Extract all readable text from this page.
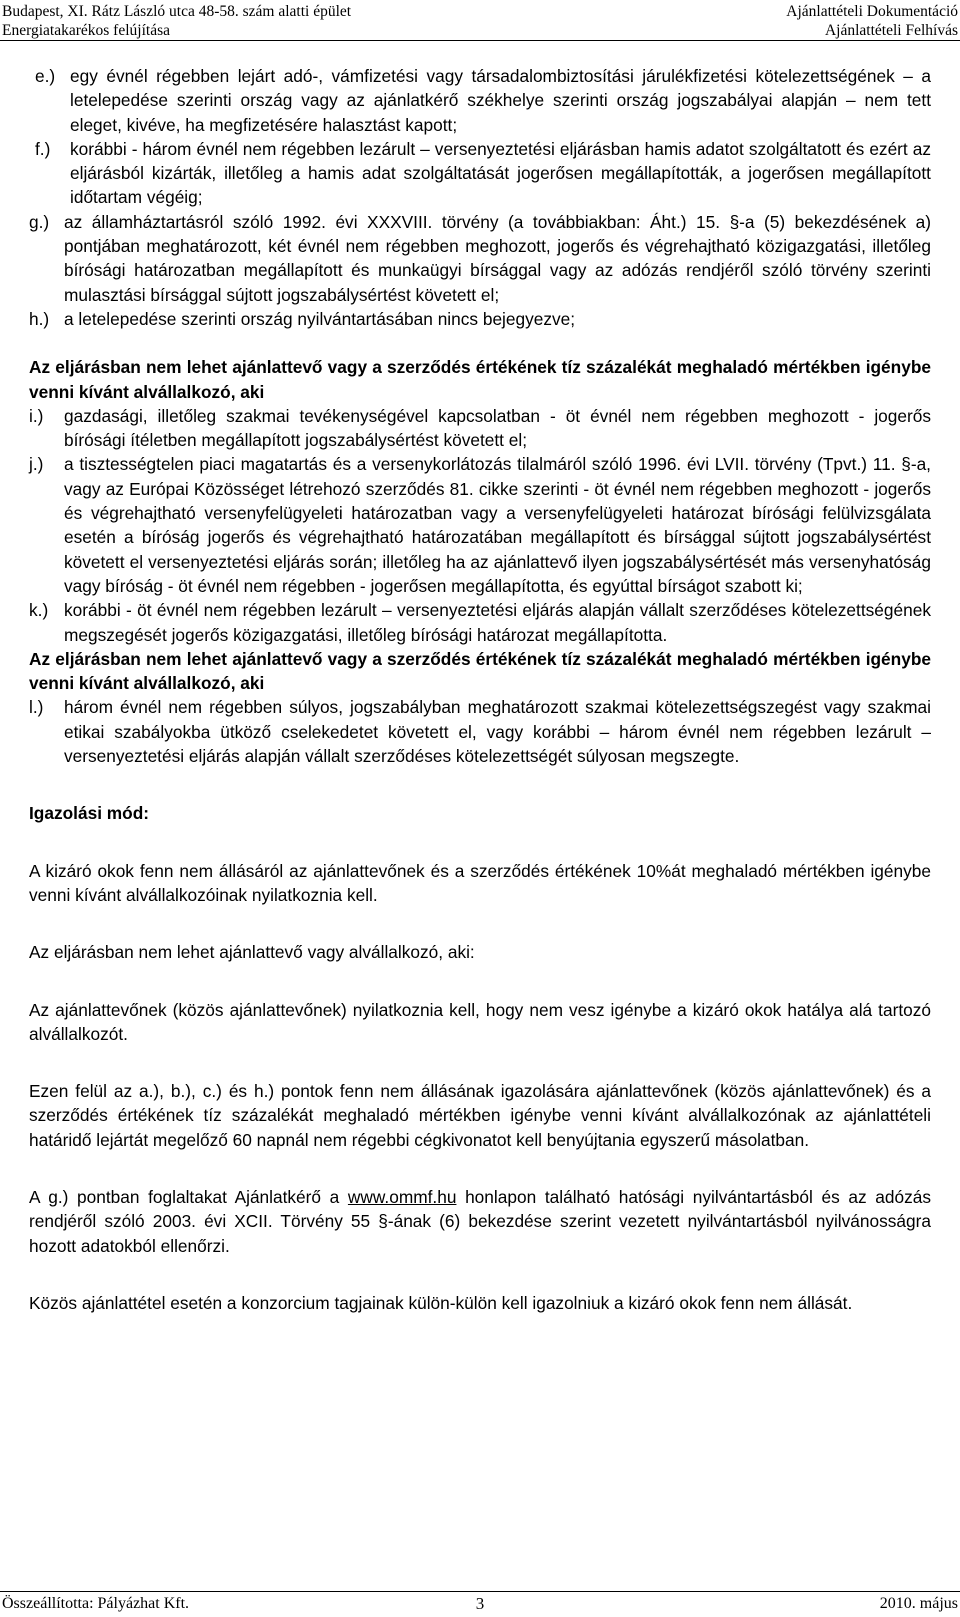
Budapest, XI. Rátz László utca 48-58. szám alatti épület
Energiatakarékos felújítása
Ajánlattételi Dokumentáció
Ajánlattételi Felhívás
e.) egy évnél régebben lejárt adó-, vámfizetési vagy társadalombiztosítási járulékfizetési kötelezettségének – a letelepedése szerinti ország vagy az ajánlatkérő székhelye szerinti ország jogszabályai alapján – nem tett eleget, kivéve, ha megfizetésére halasztást kapott;
f.)	korábbi - három évnél nem régebben lezárult – versenyeztetési eljárásban hamis adatot szolgáltatott és ezért az eljárásból kizárták, illetőleg a hamis adat szolgáltatását jogerősen megállapították, a jogerősen megállapított időtartam végéig;
g.) az államháztartásról szóló 1992. évi XXXVIII. törvény (a továbbiakban: Áht.) 15. §-a (5) bekezdésének a) pontjában meghatározott, két évnél nem régebben meghozott, jogerős és végrehajtható közigazgatási, illetőleg bírósági határozatban megállapított és munkaügyi bírsággal vagy az adózás rendjéről szóló törvény szerinti mulasztási bírsággal sújtott jogszabálysértést követett el;
h.) a letelepedése szerinti ország nyilvántartásában nincs bejegyezve;
Az eljárásban nem lehet ajánlattevő vagy a szerződés értékének tíz százalékát meghaladó mértékben igénybe venni kívánt alvállalkozó, aki
i.)	gazdasági, illetőleg szakmai tevékenységével kapcsolatban - öt évnél nem régebben meghozott - jogerős bírósági ítéletben megállapított jogszabálysértést követett el;
j.)	a tisztességtelen piaci magatartás és a versenykorlátozás tilalmáról szóló 1996. évi LVII. törvény (Tpvt.) 11. §-a, vagy az Európai Közösséget létrehozó szerződés 81. cikke szerinti - öt évnél nem régebben meghozott - jogerős és végrehajtható versenyfelügyeleti határozatban vagy a versenyfelügyeleti határozat bírósági felülvizsgálata esetén a bíróság jogerős és végrehajtható határozatában megállapított és bírsággal sújtott jogszabálysértést követett el versenyeztetési eljárás során; illetőleg ha az ajánlattevő ilyen jogszabálysértését más versenyhatóság vagy bíróság - öt évnél nem régebben - jogerősen megállapította, és egyúttal bírságot szabott ki;
k.) korábbi - öt évnél nem régebben lezárult – versenyeztetési eljárás alapján vállalt szerződéses kötelezettségének megszegését jogerős közigazgatási, illetőleg bírósági határozat megállapította.
Az eljárásban nem lehet ajánlattevő vagy a szerződés értékének tíz százalékát meghaladó mértékben igénybe venni kívánt alvállalkozó, aki
l.)	három évnél nem régebben súlyos, jogszabályban meghatározott szakmai kötelezettségszegést vagy szakmai etikai szabályokba ütköző cselekedetet követett el, vagy korábbi – három évnél nem régebben lezárult – versenyeztetési eljárás alapján vállalt szerződéses kötelezettségét súlyosan megszegte.
Igazolási mód:
A kizáró okok fenn nem állásáról az ajánlattevőnek és a szerződés értékének 10%át meghaladó mértékben igénybe venni kívánt alvállalkozóinak nyilatkoznia kell.
Az eljárásban nem lehet ajánlattevő vagy alvállalkozó, aki:
Az ajánlattevőnek (közös ajánlattevőnek) nyilatkoznia kell, hogy nem vesz igénybe a kizáró okok hatálya alá tartozó alvállalkozót.
Ezen felül az a.), b.), c.) és h.) pontok fenn nem állásának igazolására ajánlattevőnek (közös ajánlattevőnek) és a szerződés értékének tíz százalékát meghaladó mértékben igénybe venni kívánt alvállalkozónak az ajánlattételi határidő lejártát megelőző 60 napnál nem régebbi cégkivonatot kell benyújtania egyszerű másolatban.
A g.) pontban foglaltakat Ajánlatkérő a www.ommf.hu honlapon található hatósági nyilvántartásból és az adózás rendjéről szóló 2003. évi XCII. Törvény 55 §-ának (6) bekezdése szerint vezetett nyilvántartásból nyilvánosságra hozott adatokból ellenőrzi.
Közös ajánlattétel esetén a konzorcium tagjainak külön-külön kell igazolniuk a kizáró okok fenn nem állását.
Összeállította: Pályázhat Kft.	3	2010. május
